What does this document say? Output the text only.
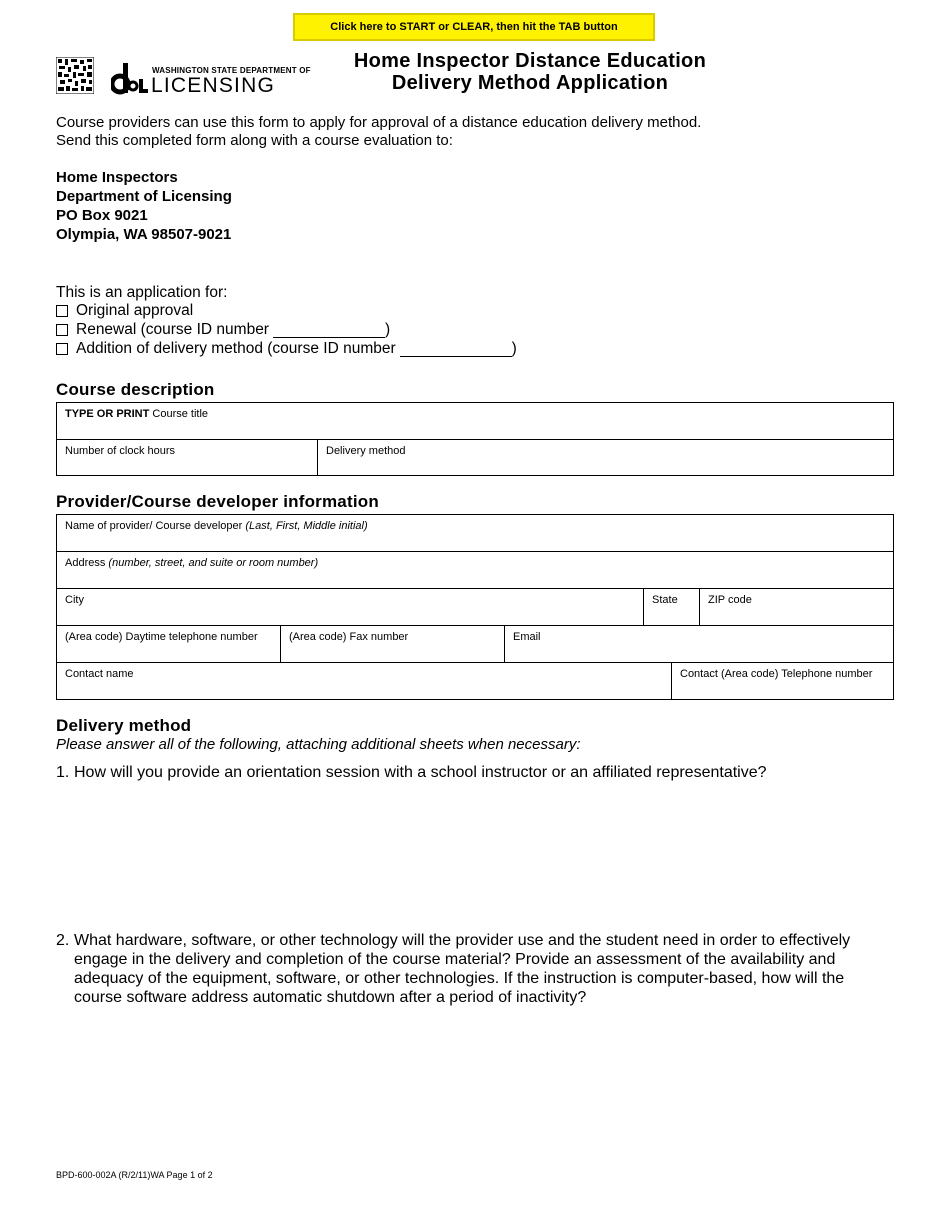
Click here to START or CLEAR, then hit the TAB button
WASHINGTON STATE DEPARTMENT OF
LICENSING
Home Inspector Distance Education
Delivery Method Application
Course providers can use this form to apply for approval of a distance education delivery method.
Send this completed form along with a course evaluation to:
Home Inspectors
Department of Licensing
PO Box 9021
Olympia, WA 98507-9021
This is an application for:
Original approval
Renewal (course ID number	)
Addition of delivery method (course ID number	)
Course description
TYPE OR PRINT Course title
Number of clock hours	Delivery method
Provider/Course developer information
Name of provider/ Course developer (Last, First, Middle initial)
Address (number, street, and suite or room number)
City	State	ZIP code
(Area code) Daytime telephone number	(Area code) Fax number	Email
Contact name	Contact (Area code) Telephone number
Delivery method
Please answer all of the following, attaching additional sheets when necessary:
1. How will you provide an orientation session with a school instructor or an affiliated representative?
2. What hardware, software, or other technology will the provider use and the student need in order to effectively engage in the delivery and completion of the course material? Provide an assessment of the availability and adequacy of the equipment, software, or other technologies. If the instruction is computer-based, how will the course software address automatic shutdown after a period of inactivity?
BPD-600-002A (R/2/11)WA Page 1 of 2
